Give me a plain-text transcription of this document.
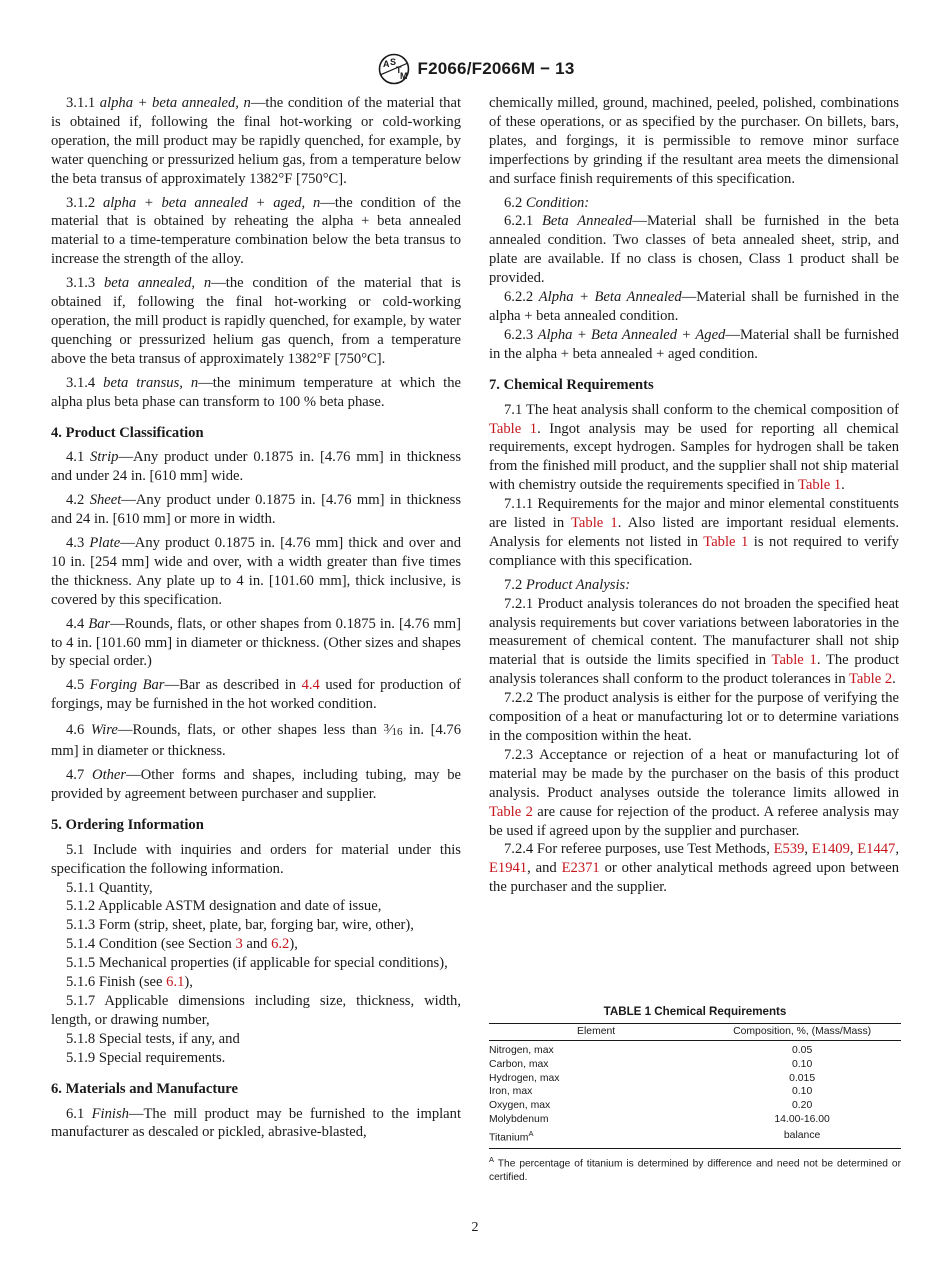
A S
T
M F2066/F2066M − 13

3.1.1 alpha + beta annealed, n—the condition of the material that is obtained if, following the final hot-working or cold-working operation, the mill product may be rapidly quenched, for example, by water quenching or pressurized helium gas, from a temperature below the beta transus of approximately 1382°F [750°C].

3.1.2 alpha + beta annealed + aged, n—the condition of the material that is obtained by reheating the alpha + beta annealed material to a time-temperature combination below the beta transus to increase the strength of the alloy.

3.1.3 beta annealed, n—the condition of the material that is obtained if, following the final hot-working or cold-working operation, the mill product is rapidly quenched, for example, by water quenching or pressurized helium gas quench, from a temperature above the beta transus of approximately 1382°F [750°C].

3.1.4 beta transus, n—the minimum temperature at which the alpha plus beta phase can transform to 100 % beta phase.

4. Product Classification

4.1 Strip—Any product under 0.1875 in. [4.76 mm] in thickness and under 24 in. [610 mm] wide.

4.2 Sheet—Any product under 0.1875 in. [4.76 mm] in thickness and 24 in. [610 mm] or more in width.

4.3 Plate—Any product 0.1875 in. [4.76 mm] thick and over and 10 in. [254 mm] wide and over, with a width greater than five times the thickness. Any plate up to 4 in. [101.60 mm], thick inclusive, is covered by this specification.

4.4 Bar—Rounds, flats, or other shapes from 0.1875 in. [4.76 mm] to 4 in. [101.60 mm] in diameter or thickness. (Other sizes and shapes by special order.)

4.5 Forging Bar—Bar as described in 4.4 used for production of forgings, may be furnished in the hot worked condition.

4.6 Wire—Rounds, flats, or other shapes less than $^3$⁄16 in. [4.76 mm] in diameter or thickness.

4.7 Other—Other forms and shapes, including tubing, may be provided by agreement between purchaser and supplier.

5. Ordering Information

5.1 Include with inquiries and orders for material under this specification the following information.

5.1.1 Quantity,

5.1.2 Applicable ASTM designation and date of issue,

5.1.3 Form (strip, sheet, plate, bar, forging bar, wire, other),

5.1.4 Condition (see Section 3 and 6.2),

5.1.5 Mechanical properties (if applicable for special conditions),

5.1.6 Finish (see 6.1),

5.1.7 Applicable dimensions including size, thickness, width, length, or drawing number,

5.1.8 Special tests, if any, and

5.1.9 Special requirements.

6. Materials and Manufacture

6.1 Finish—The mill product may be furnished to the implant manufacturer as descaled or pickled, abrasive-blasted,

chemically milled, ground, machined, peeled, polished, combinations of these operations, or as specified by the purchaser. On billets, bars, plates, and forgings, it is permissible to remove minor surface imperfections by grinding if the resultant area meets the dimensional and surface finish requirements of this specification.

6.2 Condition:

6.2.1 Beta Annealed—Material shall be furnished in the beta annealed condition. Two classes of beta annealed sheet, strip, and plate are available. If no class is chosen, Class 1 product shall be provided.

6.2.2 Alpha + Beta Annealed—Material shall be furnished in the alpha + beta annealed condition.

6.2.3 Alpha + Beta Annealed + Aged—Material shall be furnished in the alpha + beta annealed + aged condition.

7. Chemical Requirements

7.1 The heat analysis shall conform to the chemical composition of Table 1. Ingot analysis may be used for reporting all chemical requirements, except hydrogen. Samples for hydrogen shall be taken from the finished mill product, and the supplier shall not ship material with chemistry outside the requirements specified in Table 1.

7.1.1 Requirements for the major and minor elemental constituents are listed in Table 1. Also listed are important residual elements. Analysis for elements not listed in Table 1 is not required to verify compliance with this specification.

7.2 Product Analysis:

7.2.1 Product analysis tolerances do not broaden the specified heat analysis requirements but cover variations between laboratories in the measurement of chemical content. The manufacturer shall not ship material that is outside the limits specified in Table 1. The product analysis tolerances shall conform to the product tolerances in Table 2.

7.2.2 The product analysis is either for the purpose of verifying the composition of a heat or manufacturing lot or to determine variations in the composition within the heat.

7.2.3 Acceptance or rejection of a heat or manufacturing lot of material may be made by the purchaser on the basis of this product analysis. Product analyses outside the tolerance limits allowed in Table 2 are cause for rejection of the product. A referee analysis may be used if agreed upon by the supplier and purchaser.

7.2.4 For referee purposes, use Test Methods, E539, E1409, E1447, E1941, and E2371 or other analytical methods agreed upon between the purchaser and the supplier.

TABLE 1 Chemical Requirements
Element	Composition, %, (Mass/Mass)
Nitrogen, max	0.05
Carbon, max	0.10
Hydrogen, max	0.015
Iron, max	0.10
Oxygen, max	0.20
Molybdenum	14.00-16.00
Titanium$^A$	balance
$^A$ The percentage of titanium is determined by difference and need not be determined or certified.
2
